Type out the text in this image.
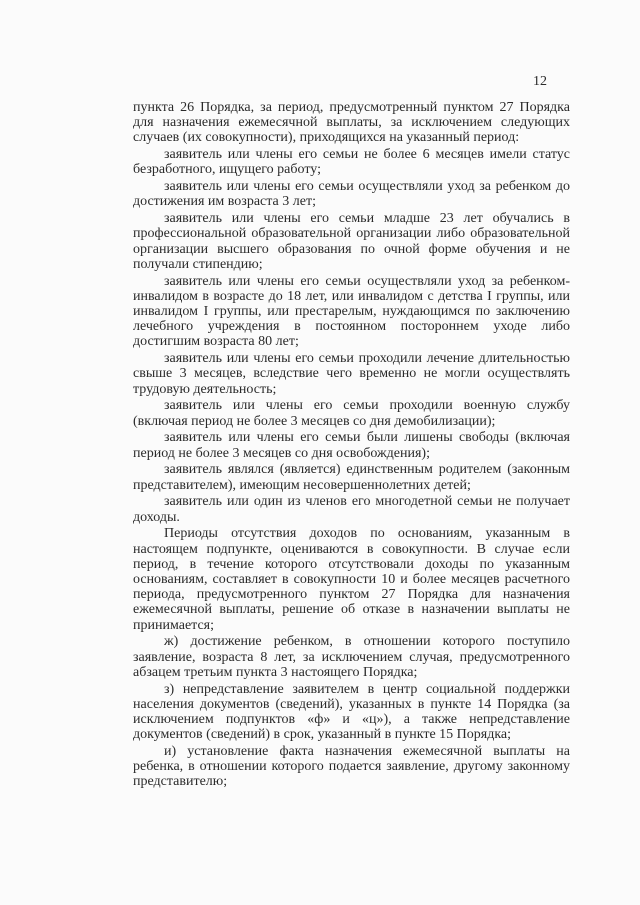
12

пункта 26 Порядка, за период, предусмотренный пунктом 27 Порядка для назначения ежемесячной выплаты, за исключением следующих случаев (их совокупности), приходящихся на указанный период:

заявитель или члены его семьи не более 6 месяцев имели статус безработного, ищущего работу;

заявитель или члены его семьи осуществляли уход за ребенком до достижения им возраста 3 лет;

заявитель или члены его семьи младше 23 лет обучались в профессиональной образовательной организации либо образовательной организации высшего образования по очной форме обучения и не получали стипендию;

заявитель или члены его семьи осуществляли уход за ребенком-инвалидом в возрасте до 18 лет, или инвалидом с детства I группы, или инвалидом I группы, или престарелым, нуждающимся по заключению лечебного учреждения в постоянном постороннем уходе либо достигшим возраста 80 лет;

заявитель или члены его семьи проходили лечение длительностью свыше 3 месяцев, вследствие чего временно не могли осуществлять трудовую деятельность;

заявитель или члены его семьи проходили военную службу (включая период не более 3 месяцев со дня демобилизации);

заявитель или члены его семьи были лишены свободы (включая период не более 3 месяцев со дня освобождения);

заявитель являлся (является) единственным родителем (законным представителем), имеющим несовершеннолетних детей;

заявитель или один из членов его многодетной семьи не получает доходы.

Периоды отсутствия доходов по основаниям, указанным в настоящем подпункте, оцениваются в совокупности. В случае если период, в течение которого отсутствовали доходы по указанным основаниям, составляет в совокупности 10 и более месяцев расчетного периода, предусмотренного пунктом 27 Порядка для назначения ежемесячной выплаты, решение об отказе в назначении выплаты не принимается;

ж) достижение ребенком, в отношении которого поступило заявление, возраста 8 лет, за исключением случая, предусмотренного абзацем третьим пункта 3 настоящего Порядка;

з) непредставление заявителем в центр социальной поддержки населения документов (сведений), указанных в пункте 14 Порядка (за исключением подпунктов «ф» и «ц»), а также непредставление документов (сведений) в срок, указанный в пункте 15 Порядка;

и) установление факта назначения ежемесячной выплаты на ребенка, в отношении которого подается заявление, другому законному представителю;
